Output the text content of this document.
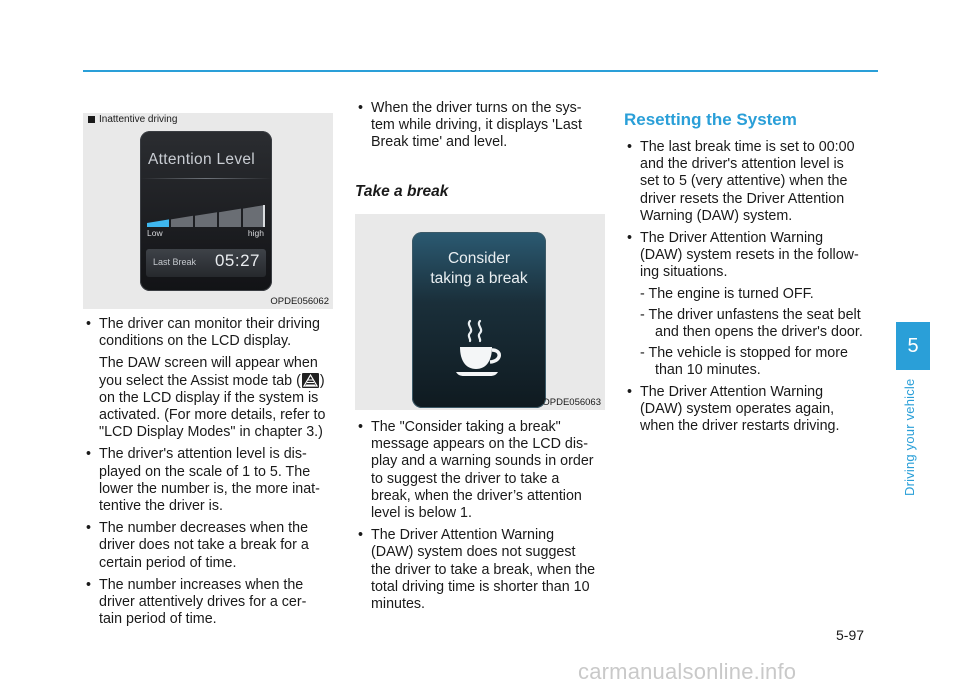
Attention Level
Low	high
Last Break 05:27
OPDE056062
Inattentive driving
• The driver can monitor their driving
conditions on the LCD display.
The DAW screen will appear when
you select the Assist mode tab ( )
on the LCD display if the system is
activated. (For more details, refer to
"LCD Display Modes" in chapter 3.)
• The driver's attention level is dis-
played on the scale of 1 to 5. The
lower the number is, the more inat-
tentive the driver is.
• The number decreases when the
driver does not take a break for a
certain period of time.
• The number increases when the
driver attentively drives for a cer-
tain period of time.
• When the driver turns on the sys-
tem while driving, it displays 'Last
Break time' and level.
Take a break
Consider
taking a break
OPDE056063
• The "Consider taking a break"
message appears on the LCD dis-
play and a warning sounds in order
to suggest the driver to take a
break, when the driver’s attention
level is below 1.
• The Driver Attention Warning
(DAW) system does not suggest
the driver to take a break, when the
total driving time is shorter than 10
minutes.
Resetting the System
• The last break time is set to 00:00
and the driver's attention level is
set to 5 (very attentive) when the
driver resets the Driver Attention
Warning (DAW) system.
• The Driver Attention Warning
(DAW) system resets in the follow-
ing situations.
- The engine is turned OFF.
- The driver unfastens the seat belt
and then opens the driver's door.
- The vehicle is stopped for more
than 10 minutes.
• The Driver Attention Warning
(DAW) system operates again,
when the driver restarts driving.
5
Driving your vehicle
5-97
carmanualsonline.info
